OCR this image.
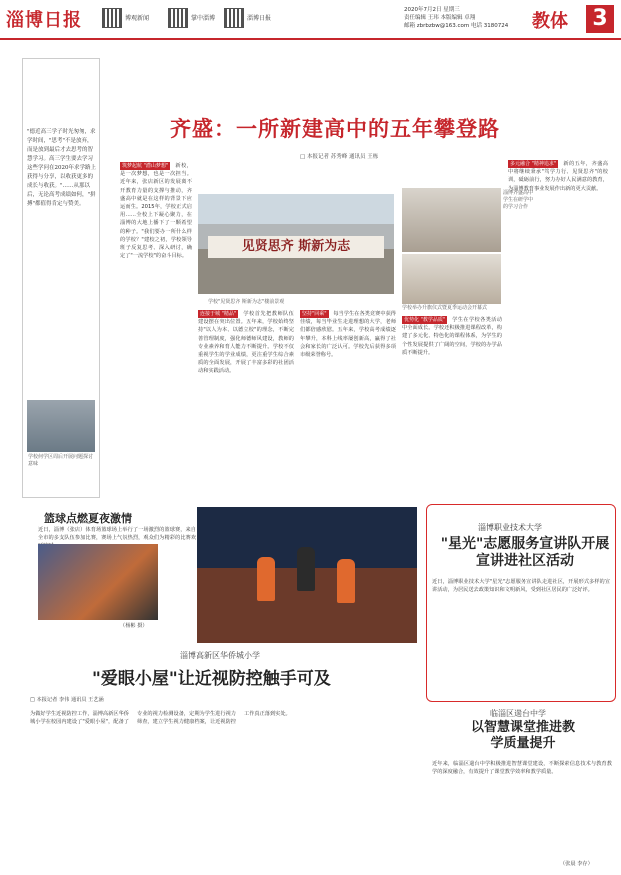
淄博日报	博观新闻	掌中淄博	淄博日报
2020年7月2日 星期三
责任编辑 王玮 本版编辑 卓翔
邮箱 zbrbzbw@163.com 电话 3180724	教体 3
"德近高三学子时光匆匆，求学时间，"思考"不是放弃，而是放到最后才去思考的智慧学习。高三学生要去学习这些学问在2020年求学路上获得与分享，以收获更多的成长与收获。"……从那以后，无论高考成绩如何，"拼搏"都值得肯定与赞美。
学校何学区周后开展问题探讨意味
齐盛：一所新建高中的五年攀登路
□ 本报记者 苏秀峰 通讯员 王栋
筑梦起航 "潜山梦想" 新校，是一次梦想，也是一次担当。近年来，张店新区的发展离不开教育力量的支撑与推动，齐盛高中就是在这样的背景下应运而生。2015年，学校正式启用……全校上下凝心聚力，在淄博的大地上播下了一颗希望的种子。"我们要办一所什么样的学校？"建校之初，学校领导班子反复思考、深入研讨，确定了"一流学校"的奋斗目标。
连接于城 "精品" 学校首先把教师队伍建设摆在突出位置。五年来，学校始终坚持"以人为本、以德立校"的理念，不断完善管理制度，强化师德师风建设，教师的专业素养和育人能力不断提升。学校不仅重视学生的学业成绩，更注重学生综合素质的全面发展，开展了丰富多彩的社团活动和实践活动。
坚持"回乘" 每当学生在各类竞赛中获得佳绩，每当毕业生走进理想的大学，老师们都倍感欣慰。五年来，学校高考成绩逐年攀升，本科上线率屡创新高，赢得了社会和家长的广泛认可。学校先后获得多项市级荣誉称号。
优势化 "教学品质" 学生在学校各类活动中全面成长。学校还积极推进课程改革，构建了多元化、特色化的课程体系，为学生的个性发展提供了广阔的空间，学校的办学品质不断提升。
多元融合 "精神追求" 新的五年，齐盛高中将继续秉承"笃学力行、见贤思齐"的校训，砥砺前行，努力办好人民满意的教育，为淄博教育事业发展作出新的更大贡献。
见贤思齐 斯新为志
学校"见贤思齐 斯新为志"楼前景观
淄博齐盛高中学生在研学中的学习合作
学校举办升旗仪式暨夏季运动会开幕式
篮球点燃夏夜激情
近日，淄博（张店）体育场篮球场上举行了一场激烈的篮球赛，来自全市的多支队伍参加比赛，赛场上气氛热烈，观众们为精彩的比赛欢
（杨彬 摄）
淄博高新区华侨城小学
"爱眼小屋"让近视防控触手可及
□ 本报记者 李伟 通讯员 王艺涵
为做好学生近视防控工作，淄博高新区华侨城小学在校园内建设了"爱眼小屋"，配备了专业的视力检测设备，定期为学生进行视力筛查，建立学生视力健康档案，让近视防控工作真正落到实处。
淄博职业技术大学
"星光"志愿服务宣讲队开展宣讲进社区活动
近日，淄博职业技术大学"星光"志愿服务宣讲队走进社区，开展形式多样的宣讲活动，为居民送去政策知识和文明新风，受到社区居民的广泛好评。
临淄区遄台中学
以智慧课堂推进教学质量提升
近年来，临淄区遄台中学积极推进智慧课堂建设，不断探索信息技术与教育教学的深度融合，有效提升了课堂教学效率和教学质量。
（张晨 李存）
